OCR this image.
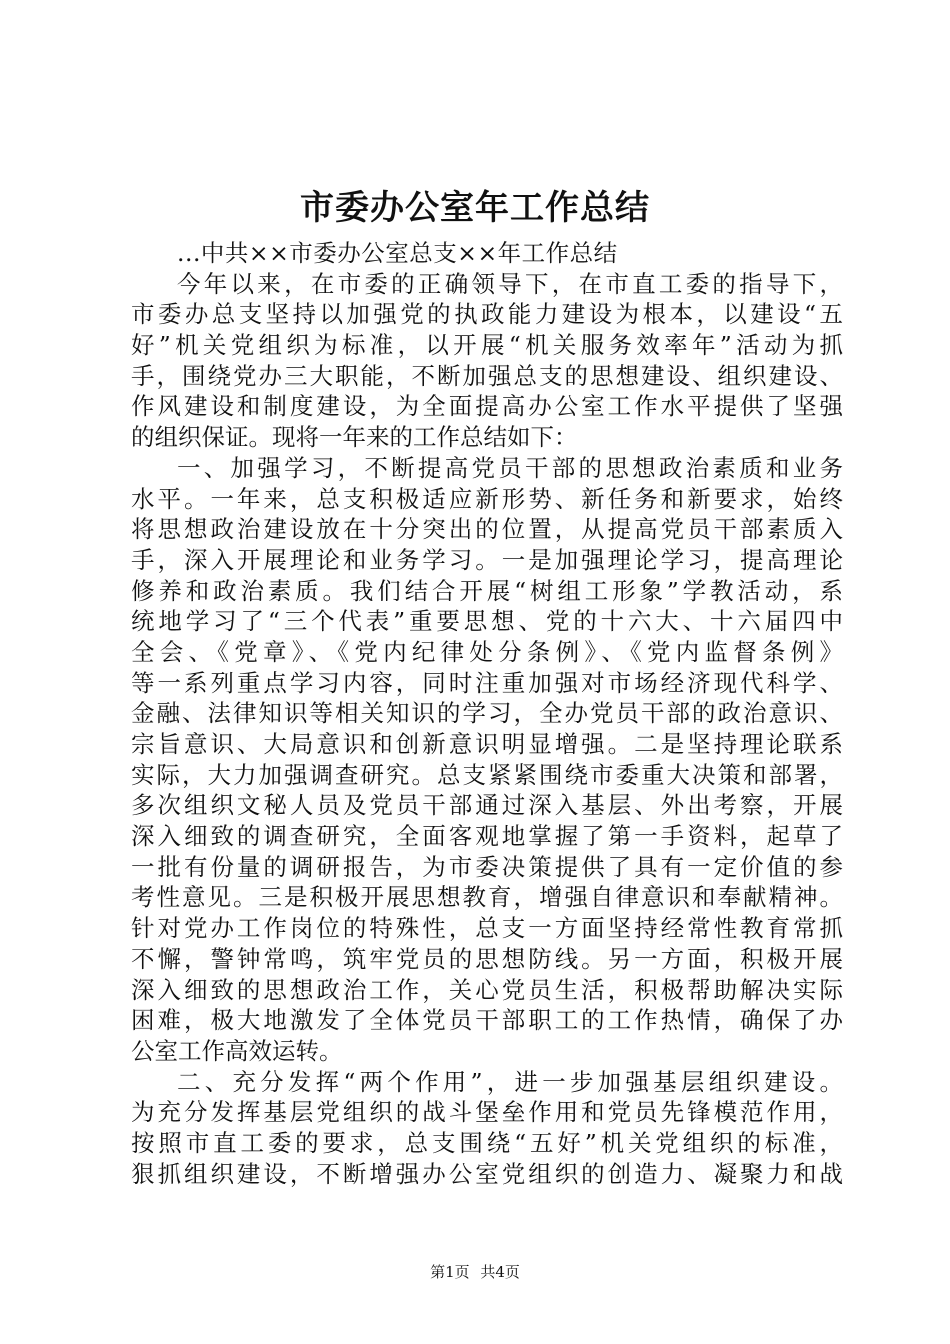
市委办公室年工作总结
...中共××市委办公室总支××年工作总结
今年以来，在市委的正确领导下，在市直工委的指导下，
市委办总支坚持以加强党的执政能力建设为根本，以建设“五
好”机关党组织为标准，以开展“机关服务效率年”活动为抓
手，围绕党办三大职能，不断加强总支的思想建设、组织建设、
作风建设和制度建设，为全面提高办公室工作水平提供了坚强
的组织保证。现将一年来的工作总结如下：
一、加强学习，不断提高党员干部的思想政治素质和业务
水平。一年来，总支积极适应新形势、新任务和新要求，始终
将思想政治建设放在十分突出的位置，从提高党员干部素质入
手，深入开展理论和业务学习。一是加强理论学习，提高理论
修养和政治素质。我们结合开展“树组工形象”学教活动，系
统地学习了“三个代表”重要思想、党的十六大、十六届四中
全会、《党章》、《党内纪律处分条例》、《党内监督条例》
等一系列重点学习内容，同时注重加强对市场经济现代科学、
金融、法律知识等相关知识的学习，全办党员干部的政治意识、
宗旨意识、大局意识和创新意识明显增强。二是坚持理论联系
实际，大力加强调查研究。总支紧紧围绕市委重大决策和部署，
多次组织文秘人员及党员干部通过深入基层、外出考察，开展
深入细致的调查研究，全面客观地掌握了第一手资料，起草了
一批有份量的调研报告，为市委决策提供了具有一定价值的参
考性意见。三是积极开展思想教育，增强自律意识和奉献精神。
针对党办工作岗位的特殊性，总支一方面坚持经常性教育常抓
不懈，警钟常鸣，筑牢党员的思想防线。另一方面，积极开展
深入细致的思想政治工作，关心党员生活，积极帮助解决实际
困难，极大地激发了全体党员干部职工的工作热情，确保了办
公室工作高效运转。
二、充分发挥“两个作用”，进一步加强基层组织建设。
为充分发挥基层党组织的战斗堡垒作用和党员先锋模范作用，
按照市直工委的要求，总支围绕“五好”机关党组织的标准，
狠抓组织建设，不断增强办公室党组织的创造力、凝聚力和战
第1页 共4页
